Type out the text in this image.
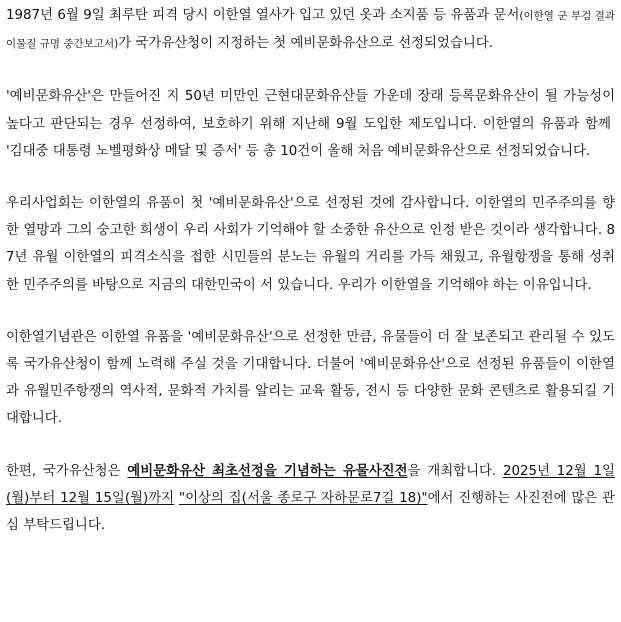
1987년 6월 9일 최루탄 피격 당시 이한열 열사가 입고 있던 옷과 소지품 등 유품과 문서(이한열 군 부검 결과 이물질 규명 중간보고서)가 국가유산청이 지정하는 첫 예비문화유산으로 선정되었습니다.

'예비문화유산'은 만들어진 지 50년 미만인 근현대문화유산들 가운데 장래 등록문화유산이 될 가능성이 높다고 판단되는 경우 선정하여, 보호하기 위해 지난해 9월 도입한 제도입니다. 이한열의 유품과 함께 '김대중 대통령 노벨평화상 메달 및 증서' 등 총 10건이 올해 처음 예비문화유산으로 선정되었습니다.

우리사업회는 이한열의 유품이 첫 '예비문화유산'으로 선정된 것에 감사합니다. 이한열의 민주주의를 향한 열망과 그의 숭고한 희생이 우리 사회가 기억해야 할 소중한 유산으로 인정 받은 것이라 생각합니다. 87년 유월 이한열의 피격소식을 접한 시민들의 분노는 유월의 거리를 가득 채웠고, 유월항쟁을 통해 성취한 민주주의를 바탕으로 지금의 대한민국이 서 있습니다. 우리가 이한열을 기억해야 하는 이유입니다.

이한열기념관은 이한열 유품을 '예비문화유산'으로 선정한 만큼, 유물들이 더 잘 보존되고 관리될 수 있도록 국가유산청이 함께 노력해 주실 것을 기대합니다. 더불어 '예비문화유산'으로 선정된 유품들이 이한열과 유월민주항쟁의 역사적, 문화적 가치를 알리는 교육 활동, 전시 등 다양한 문화 콘텐츠로 활용되길 기대합니다.

한편, 국가유산청은 예비문화유산 최초선정을 기념하는 유물사진전을 개최합니다. 2025년 12월 1일(월)부터 12월 15일(월)까지 "이상의 집(서울 종로구 자하문로7길 18)"에서 진행하는 사진전에 많은 관심 부탁드립니다.
